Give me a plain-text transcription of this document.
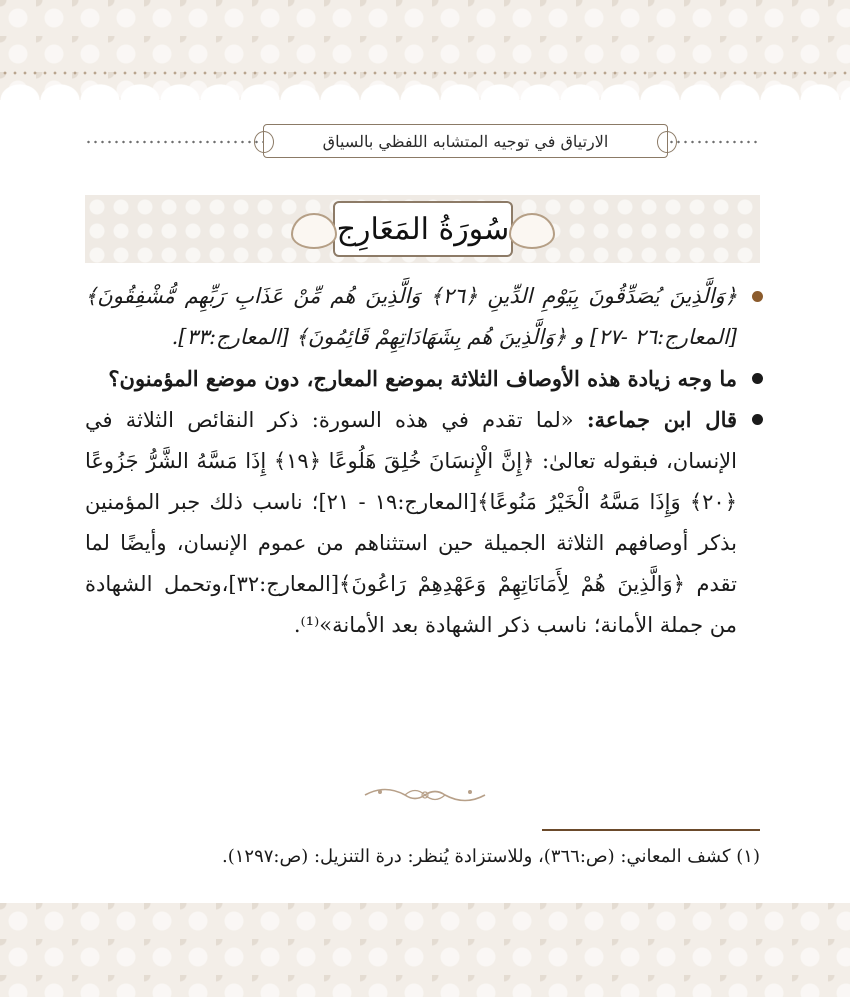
الارتياق في توجيه المتشابه اللفظي بالسياق
سُورَةُ المَعَارِج

﴿وَالَّذِينَ يُصَدِّقُونَ بِيَوْمِ الدِّينِ ﴿٢٦﴾ وَالَّذِينَ هُم مِّنْ عَذَابِ رَبِّهِم مُّشْفِقُونَ﴾[المعارج:٢٦ -٢٧] و ﴿وَالَّذِينَ هُم بِشَهَادَاتِهِمْ قَائِمُونَ﴾ [المعارج:٣٣].

ما وجه زيادة هذه الأوصاف الثلاثة بموضع المعارج، دون موضع المؤمنون؟

قال ابن جماعة: «لما تقدم في هذه السورة: ذكر النقائص الثلاثة في الإنسان، فبقوله تعالىٰ: ﴿إِنَّ الْإِنسَانَ خُلِقَ هَلُوعًا ﴿١٩﴾ إِذَا مَسَّهُ الشَّرُّ جَزُوعًا ﴿٢٠﴾ وَإِذَا مَسَّهُ الْخَيْرُ مَنُوعًا﴾[المعارج:١٩ - ٢١]؛ ناسب ذلك جبر المؤمنين بذكر أوصافهم الثلاثة الجميلة حين استثناهم من عموم الإنسان، وأيضًا لما تقدم ﴿وَالَّذِينَ هُمْ لِأَمَانَاتِهِمْ وَعَهْدِهِمْ رَاعُونَ﴾[المعارج:٣٢]،وتحمل الشهادة من جملة الأمانة؛ ناسب ذكر الشهادة بعد الأمانة»⁽¹⁾.

(١) كشف المعاني: (ص:٣٦٦)، وللاستزادة يُنظر: درة التنزيل: (ص:١٢٩٧).
